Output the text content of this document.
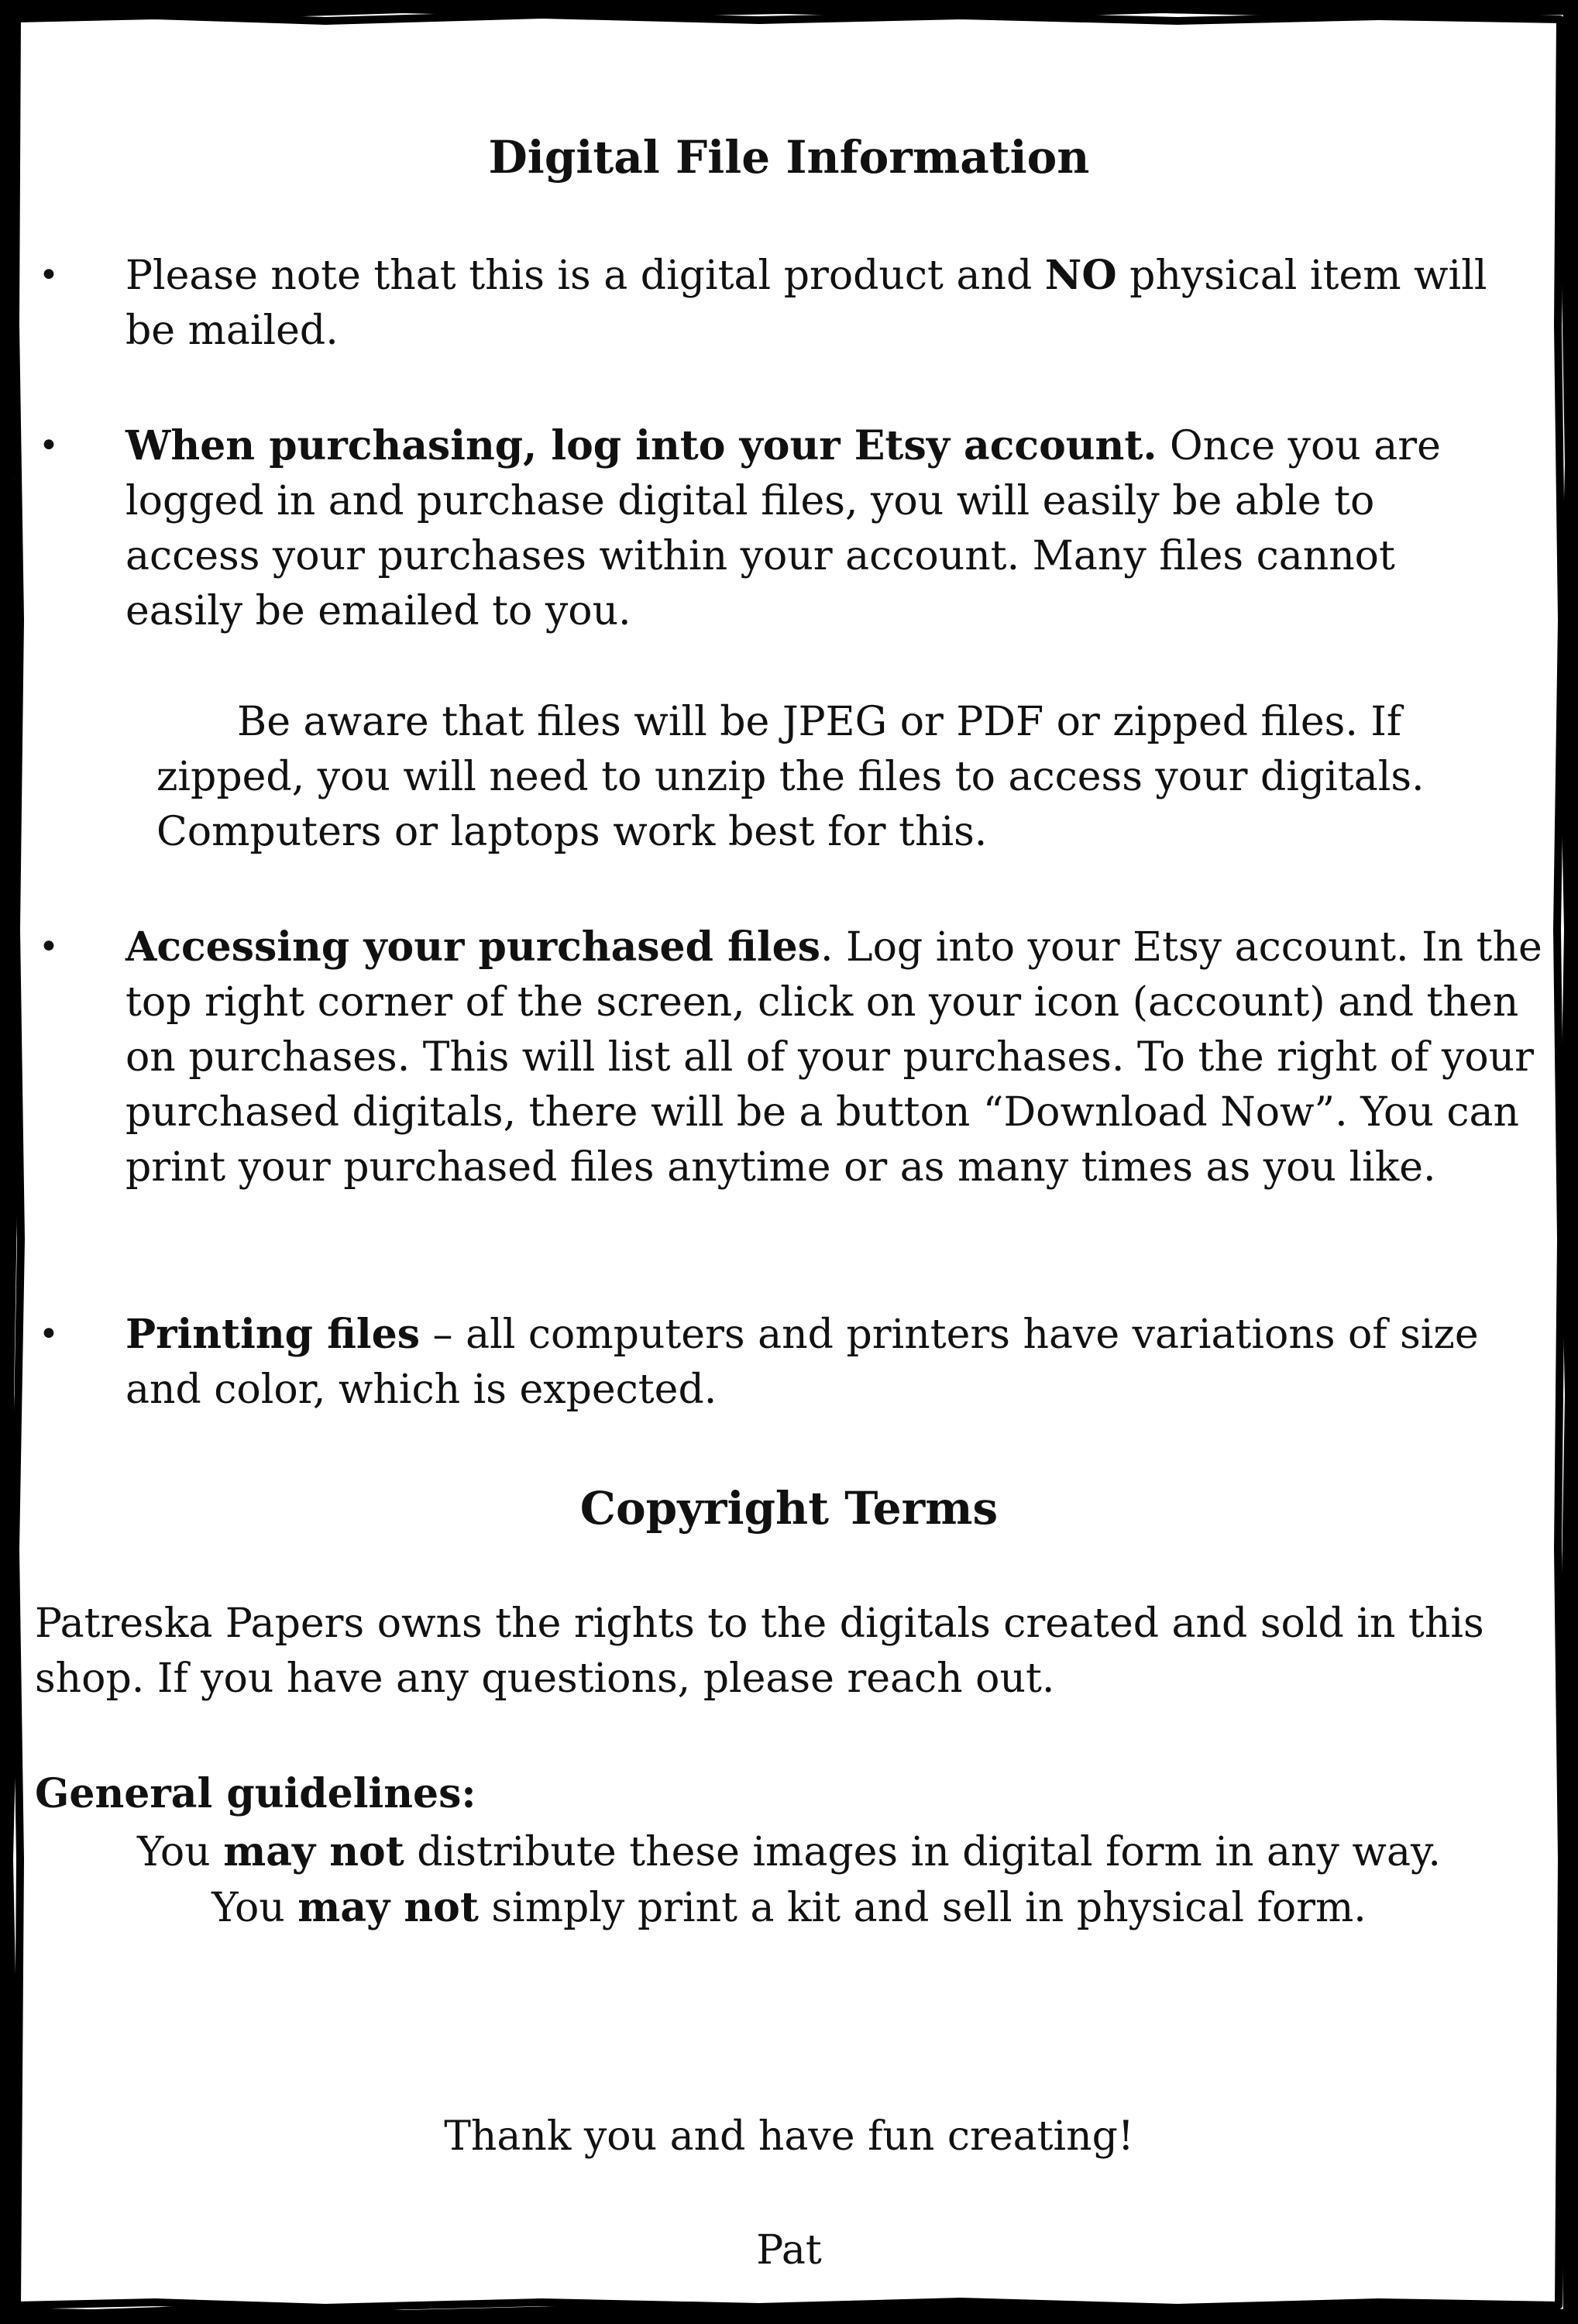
Digital File Information
• Please note that this is a digital product and NO physical item will be mailed.

• When purchasing, log into your Etsy account. Once you are logged in and purchase digital files, you will easily be able to access your purchases within your account. Many files cannot easily be emailed to you.

Be aware that files will be JPEG or PDF or zipped files. If zipped, you will need to unzip the files to access your digitals. Computers or laptops work best for this.

• Accessing your purchased files. Log into your Etsy account. In the top right corner of the screen, click on your icon (account) and then on purchases. This will list all of your purchases. To the right of your purchased digitals, there will be a button “Download Now”. You can print your purchased files anytime or as many times as you like.

• Printing files – all computers and printers have variations of size and color, which is expected.

Copyright Terms

Patreska Papers owns the rights to the digitals created and sold in this shop. If you have any questions, please reach out.

General guidelines:

You may not distribute these images in digital form in any way.

You may not simply print a kit and sell in physical form.

Thank you and have fun creating!

Pat
